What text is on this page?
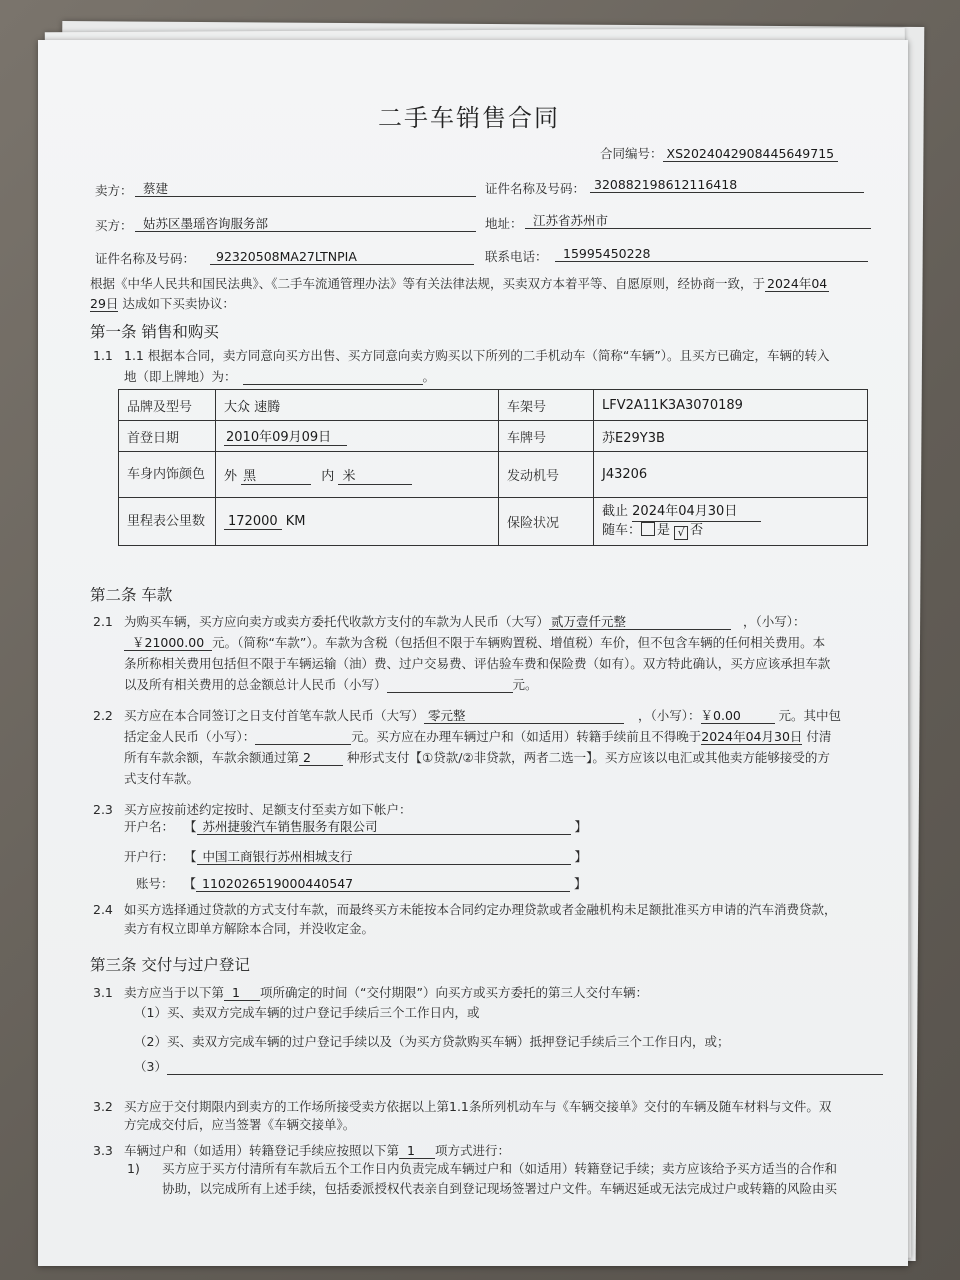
二手车销售合同
合同编号： XS2024042908445649715
卖方： 蔡建	证件名称及号码： 320882198612116418
买方： 姑苏区墨瑶咨询服务部	地址： 江苏省苏州市
证件名称及号码：	92320508MA27LTNPIA	联系电话：	15995450228
根据《中华人民共和国民法典》、《二手车流通管理办法》等有关法律法规，买卖双方本着平等、自愿原则，经协商一致，于 2024年04
29日 达成如下买卖协议：
第一条 销售和购买
1.1 1.1 根据本合同，卖方同意向买方出售、买方同意向卖方购买以下所列的二手机动车（简称“车辆”）。且买方已确定，车辆的转入
地（即上牌地）为：	。
品牌及型号	大众 速腾	车架号	LFV2A11K3A3070189
首登日期	2010年09月09日	车牌号	苏E29Y3B
车身内饰颜色	外 黑 内 米	发动机号	J43206
里程表公里数	172000 KM	保险状况	截止 2024年04月30日
随车： 是 √ 否
第二条 车款
2.1 为购买车辆，买方应向卖方或卖方委托代收款方支付的车款为人民币（大写） 贰万壹仟元整	，（小写）：
￥21000.00 元。（简称“车款”）。车款为含税（包括但不限于车辆购置税、增值税）车价，但不包含车辆的任何相关费用。本
条所称相关费用包括但不限于车辆运输（油）费、过户交易费、评估验车费和保险费（如有）。双方特此确认，买方应该承担车款
以及所有相关费用的总金额总计人民币（小写）	元。
2.2 买方应在本合同签订之日支付首笔车款人民币（大写） 零元整	，（小写）：￥0.00	元。其中包
括定金人民币（小写）：	元。买方应在办理车辆过户和（如适用）转籍手续前且不得晚于2024年04月30日 付清
所有车款余额，车款余额通过第 2	种形式支付【①贷款/②非贷款，两者二选一】。买方应该以电汇或其他卖方能够接受的方
式支付车款。
2.3 买方应按前述约定按时、足额支付至卖方如下帐户：
开户名： 【 苏州捷骏汽车销售服务有限公司	】
开户行： 【 中国工商银行苏州相城支行	】
账号： 【 1102026519000440547	】
2.4 如买方选择通过贷款的方式支付车款，而最终买方未能按本合同约定办理贷款或者金融机构未足额批准买方申请的汽车消费贷款，
卖方有权立即单方解除本合同，并没收定金。
第三条 交付与过户登记
3.1 卖方应当于以下第 1 项所确定的时间（“交付期限”）向买方或买方委托的第三人交付车辆：
（1）买、卖双方完成车辆的过户登记手续后三个工作日内，或
（2）买、卖双方完成车辆的过户登记手续以及（为买方贷款购买车辆）抵押登记手续后三个工作日内，或；
（3）
3.2 买方应于交付期限内到卖方的工作场所接受卖方依据以上第1.1条所列机动车与《车辆交接单》交付的车辆及随车材料与文件。双
方完成交付后，应当签署《车辆交接单》。
3.3 车辆过户和（如适用）转籍登记手续应按照以下第 1 项方式进行：
1) 买方应于买方付清所有车款后五个工作日内负责完成车辆过户和（如适用）转籍登记手续；卖方应该给予买方适当的合作和
协助，以完成所有上述手续，包括委派授权代表亲自到登记现场签署过户文件。车辆迟延或无法完成过户或转籍的风险由买
